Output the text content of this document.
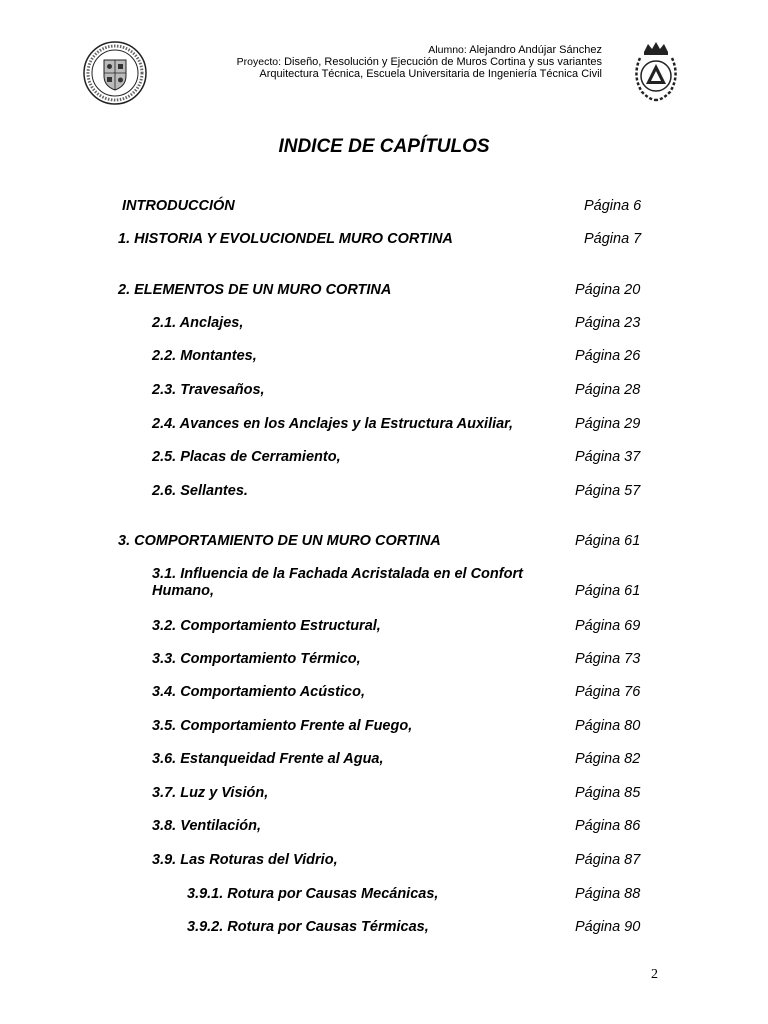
Alumno: Alejandro Andújar Sánchez
Proyecto: Diseño, Resolución y Ejecución de Muros Cortina y sus variantes
Arquitectura Técnica, Escuela Universitaria de Ingeniería Técnica Civil
INDICE DE CAPÍTULOS
INTRODUCCIÓN	Página 6
1. HISTORIA Y EVOLUCIONDEL MURO CORTINA	Página 7
2. ELEMENTOS DE UN MURO CORTINA	Página 20
2.1. Anclajes,	Página 23
2.2. Montantes,	Página 26
2.3. Travesaños,	Página 28
2.4. Avances en los Anclajes y la Estructura Auxiliar,	Página 29
2.5. Placas de Cerramiento,	Página 37
2.6. Sellantes.	Página 57
3. COMPORTAMIENTO DE UN MURO CORTINA	Página 61
3.1. Influencia de la Fachada Acristalada en el Confort
Humano,	Página 61
3.2. Comportamiento Estructural,	Página 69
3.3. Comportamiento Térmico,	Página 73
3.4. Comportamiento Acústico,	Página 76
3.5. Comportamiento Frente al Fuego,	Página 80
3.6. Estanqueidad Frente al Agua,	Página 82
3.7. Luz y Visión,	Página 85
3.8. Ventilación,	Página 86
3.9. Las Roturas del Vidrio,	Página 87
3.9.1. Rotura por Causas Mecánicas,	Página 88
3.9.2. Rotura por Causas Térmicas,	Página 90
2
